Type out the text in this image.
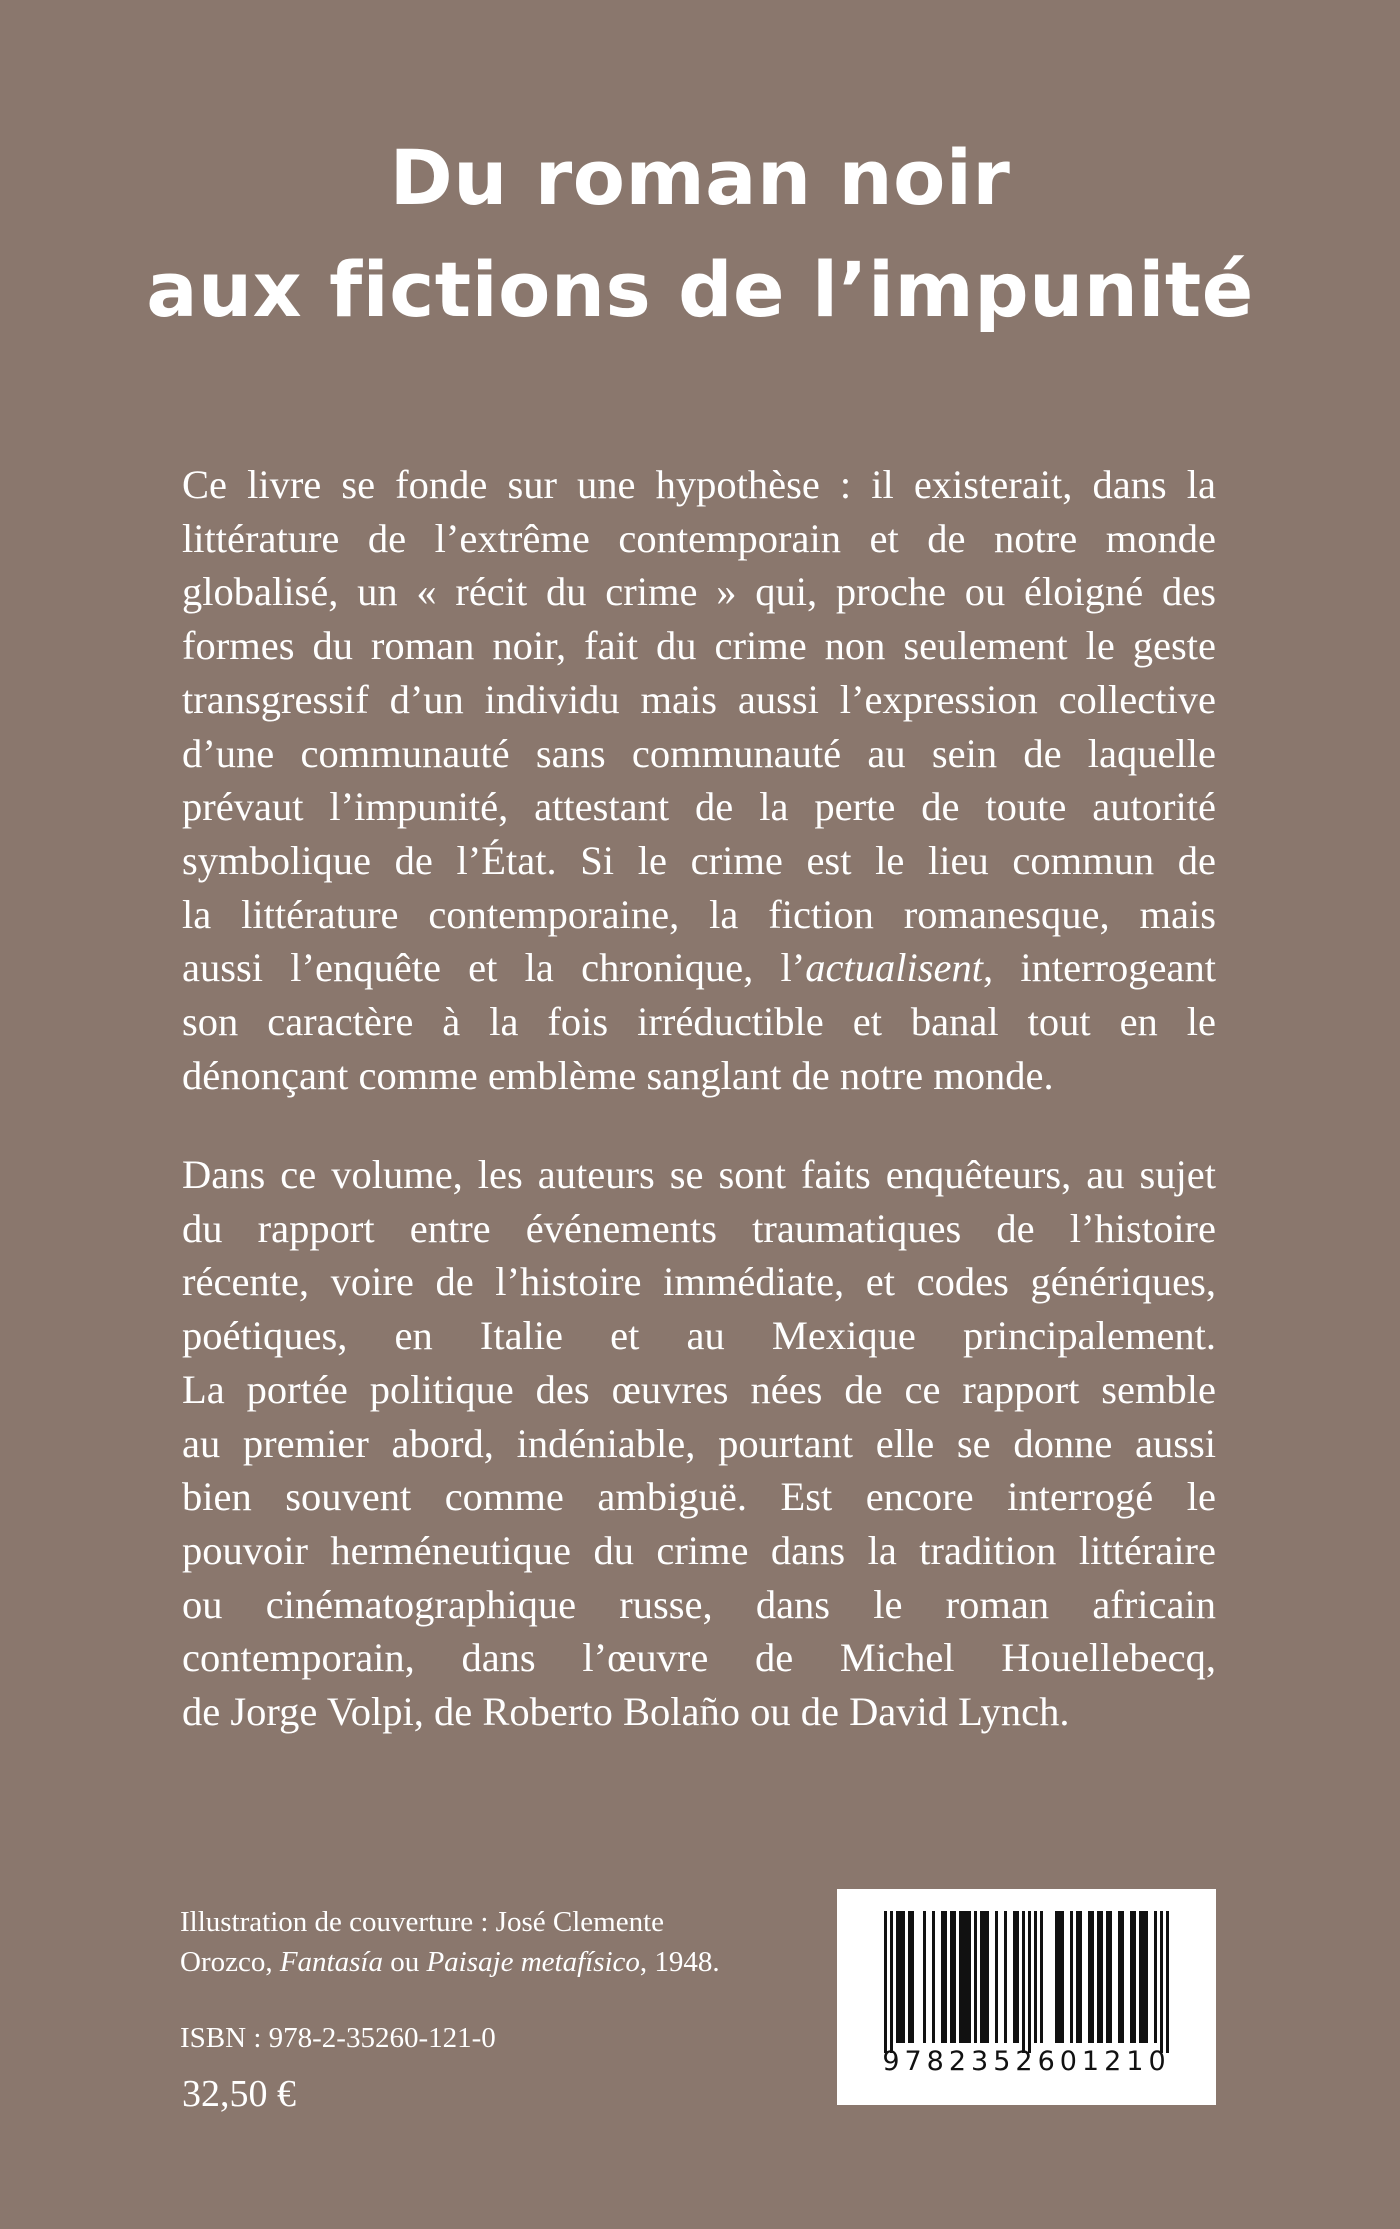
Du roman noir
aux fictions de l’impunité
Ce livre se fonde sur une hypothèse : il existerait, dans la
littérature de l’extrême contemporain et de notre monde
globalisé, un « récit du crime » qui, proche ou éloigné des
formes du roman noir, fait du crime non seulement le geste
transgressif d’un individu mais aussi l’expression collective
d’une communauté sans communauté au sein de laquelle
prévaut l’impunité, attestant de la perte de toute autorité
symbolique de l’État. Si le crime est le lieu commun de
la littérature contemporaine, la fiction romanesque, mais
aussi l’enquête et la chronique, l’actualisent, interrogeant
son caractère à la fois irréductible et banal tout en le
dénonçant comme emblème sanglant de notre monde.
Dans ce volume, les auteurs se sont faits enquêteurs, au sujet
du rapport entre événements traumatiques de l’histoire
récente, voire de l’histoire immédiate, et codes génériques,
poétiques, en Italie et au Mexique principalement.
La portée politique des œuvres nées de ce rapport semble
au premier abord, indéniable, pourtant elle se donne aussi
bien souvent comme ambiguë. Est encore interrogé le
pouvoir herméneutique du crime dans la tradition littéraire
ou cinématographique russe, dans le roman africain
contemporain, dans l’œuvre de Michel Houellebecq,
de Jorge Volpi, de Roberto Bolaño ou de David Lynch.
Illustration de couverture : José Clemente
Orozco, Fantasía ou Paisaje metafísico, 1948.
ISBN : 978-2-35260-121-0
32,50 €
9782352601210
